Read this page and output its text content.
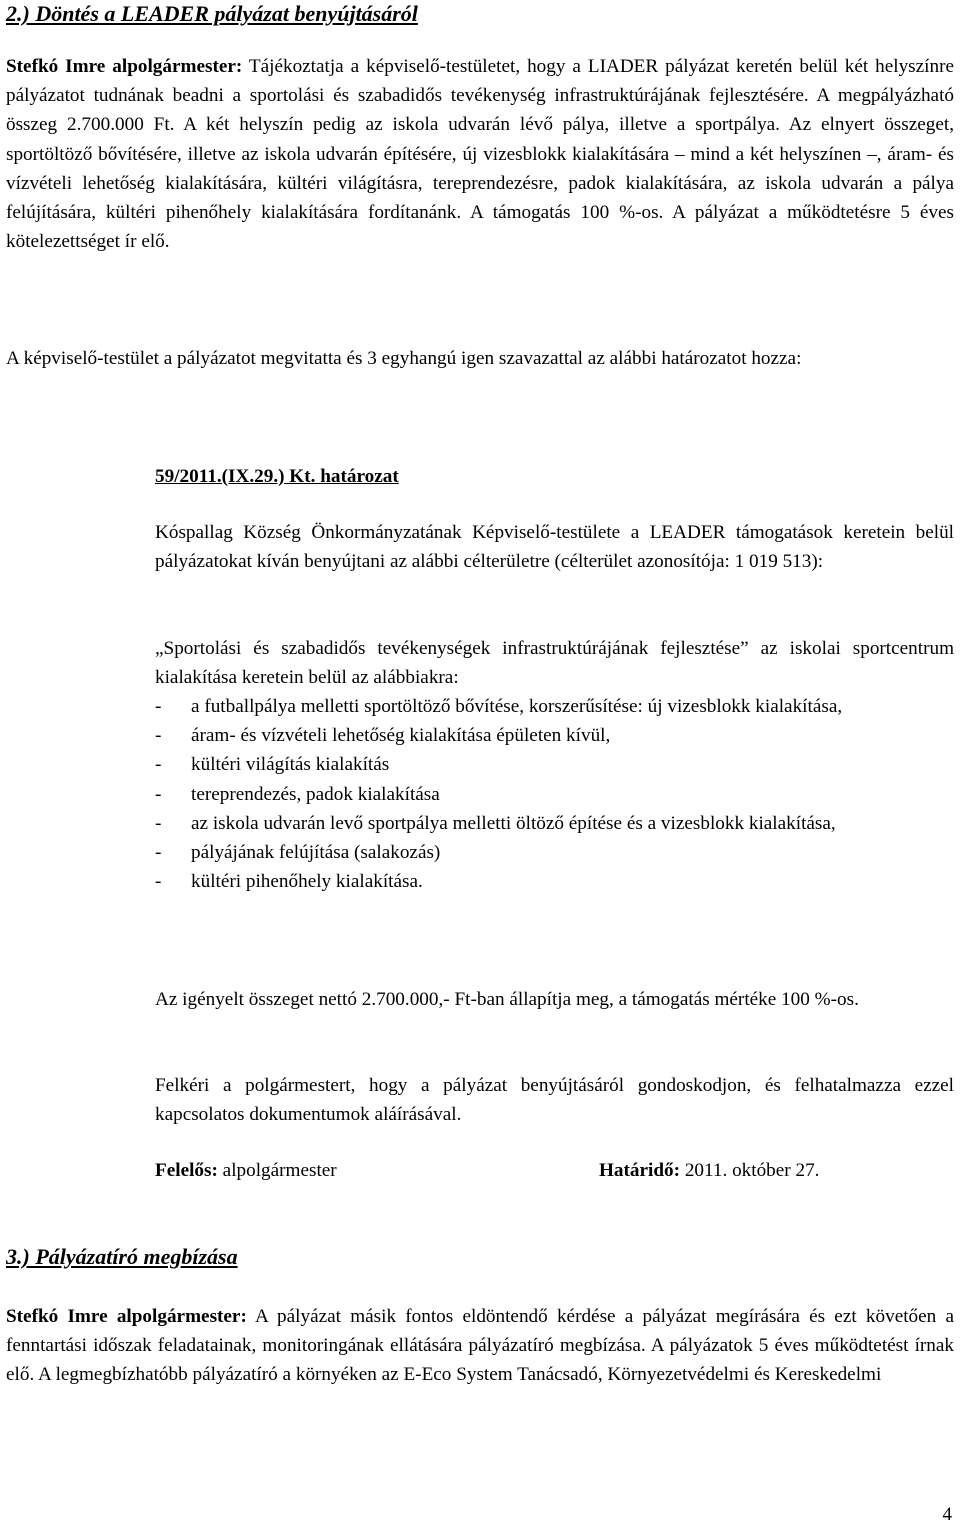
2.) Döntés a LEADER pályázat benyújtásáról

Stefkó Imre alpolgármester: Tájékoztatja a képviselő-testületet, hogy a LIADER pályázat keretén belül két helyszínre pályázatot tudnának beadni a sportolási és szabadidős tevékenység infrastruktúrájának fejlesztésére. A megpályázható összeg 2.700.000 Ft. A két helyszín pedig az iskola udvarán lévő pálya, illetve a sportpálya. Az elnyert összeget, sportöltöző bővítésére, illetve az iskola udvarán építésére, új vizesblokk kialakítására – mind a két helyszínen –, áram- és vízvételi lehetőség kialakítására, kültéri világításra, tereprendezésre, padok kialakítására, az iskola udvarán a pálya felújítására, kültéri pihenőhely kialakítására fordítanánk. A támogatás 100 %-os. A pályázat a működtetésre 5 éves kötelezettséget ír elő.

A képviselő-testület a pályázatot megvitatta és 3 egyhangú igen szavazattal az alábbi határozatot hozza:

59/2011.(IX.29.) Kt. határozat

Kóspallag Község Önkormányzatának Képviselő-testülete a LEADER támogatások keretein belül pályázatokat kíván benyújtani az alábbi célterületre (célterület azonosítója: 1 019 513):

„Sportolási és szabadidős tevékenységek infrastruktúrájának fejlesztése” az iskolai sportcentrum kialakítása keretein belül az alábbiakra:

- a futballpálya melletti sportöltöző bővítése, korszerűsítése: új vizesblokk kialakítása,
- áram- és vízvételi lehetőség kialakítása épületen kívül,
- kültéri világítás kialakítás
- tereprendezés, padok kialakítása
- az iskola udvarán levő sportpálya melletti öltöző építése és a vizesblokk kialakítása,
- pályájának felújítása (salakozás)
- kültéri pihenőhely kialakítása.

Az igényelt összeget nettó 2.700.000,- Ft-ban állapítja meg, a támogatás mértéke 100 %-os.

Felkéri a polgármestert, hogy a pályázat benyújtásáról gondoskodjon, és felhatalmazza ezzel kapcsolatos dokumentumok aláírásával.

Felelős: alpolgármester	Határidő: 2011. október 27.
3.) Pályázatíró megbízása

Stefkó Imre alpolgármester: A pályázat másik fontos eldöntendő kérdése a pályázat megírására és ezt követően a fenntartási időszak feladatainak, monitoringának ellátására pályázatíró megbízása. A pályázatok 5 éves működtetést írnak elő. A legmegbízhatóbb pályázatíró a környéken az E-Eco System Tanácsadó, Környezetvédelmi és Kereskedelmi

4
